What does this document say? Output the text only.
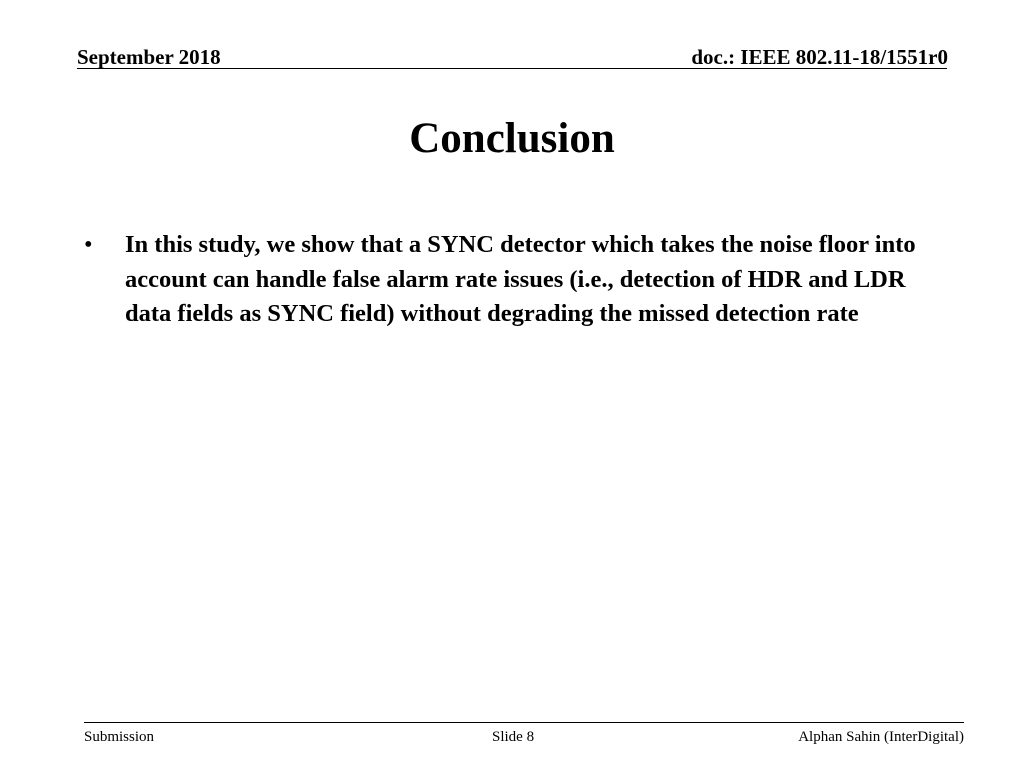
September 2018	doc.: IEEE 802.11-18/1551r0
Conclusion
• In this study, we show that a SYNC detector which takes the noise floor into account can handle false alarm rate issues (i.e., detection of HDR and LDR data fields as SYNC field) without degrading the missed detection rate
Submission	Slide 8	Alphan Sahin (InterDigital)
